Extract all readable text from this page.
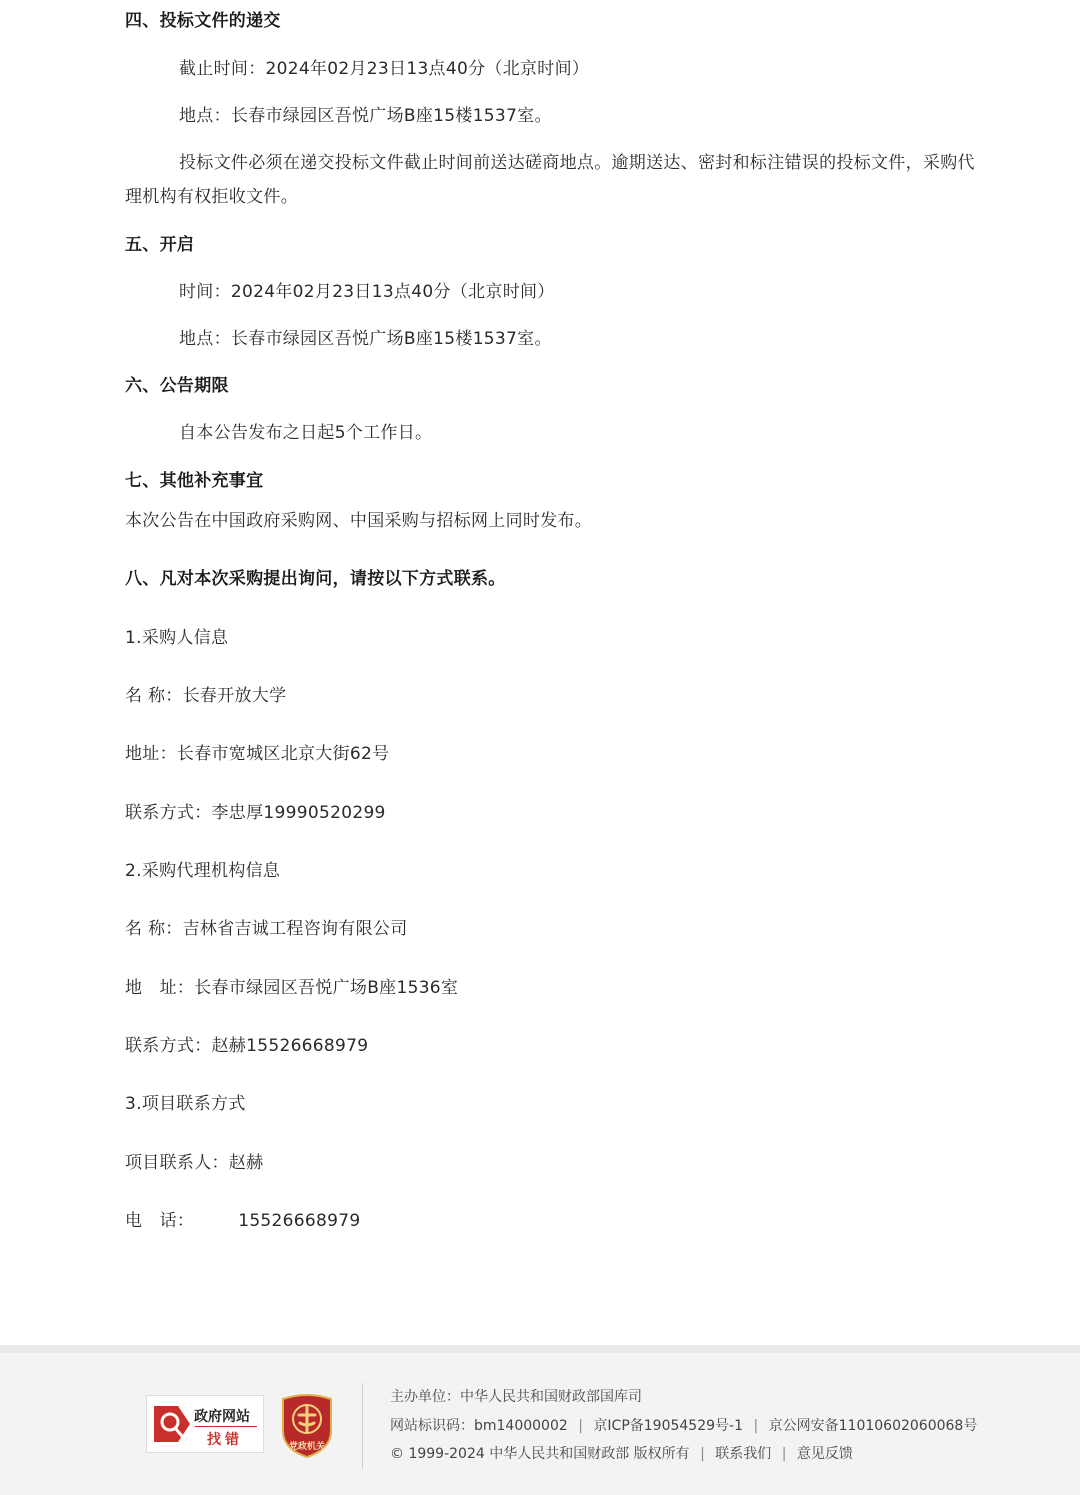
四、投标文件的递交
截止时间：2024年02月23日13点40分（北京时间）
地点：长春市绿园区吾悦广场B座15楼1537室。
投标文件必须在递交投标文件截止时间前送达磋商地点。逾期送达、密封和标注错误的投标文件，采购代理机构有权拒收文件。
五、开启
时间：2024年02月23日13点40分（北京时间）
地点：长春市绿园区吾悦广场B座15楼1537室。
六、公告期限
自本公告发布之日起5个工作日。
七、其他补充事宜
本次公告在中国政府采购网、中国采购与招标网上同时发布。
八、凡对本次采购提出询问，请按以下方式联系。
1.采购人信息
名 称：长春开放大学
地址：长春市宽城区北京大街62号
联系方式：李忠厚19990520299
2.采购代理机构信息
名 称：吉林省吉诚工程咨询有限公司
地　址：长春市绿园区吾悦广场B座1536室
联系方式：赵赫15526668979
3.项目联系方式
项目联系人：赵赫
电　话：	15526668979
政府网站
找错	党政机关
主办单位：中华人民共和国财政部国库司
网站标识码：bm14000002 | 京ICP备19054529号-1 | 京公网安备11010602060068号
© 1999-2024 中华人民共和国财政部 版权所有 | 联系我们 | 意见反馈
